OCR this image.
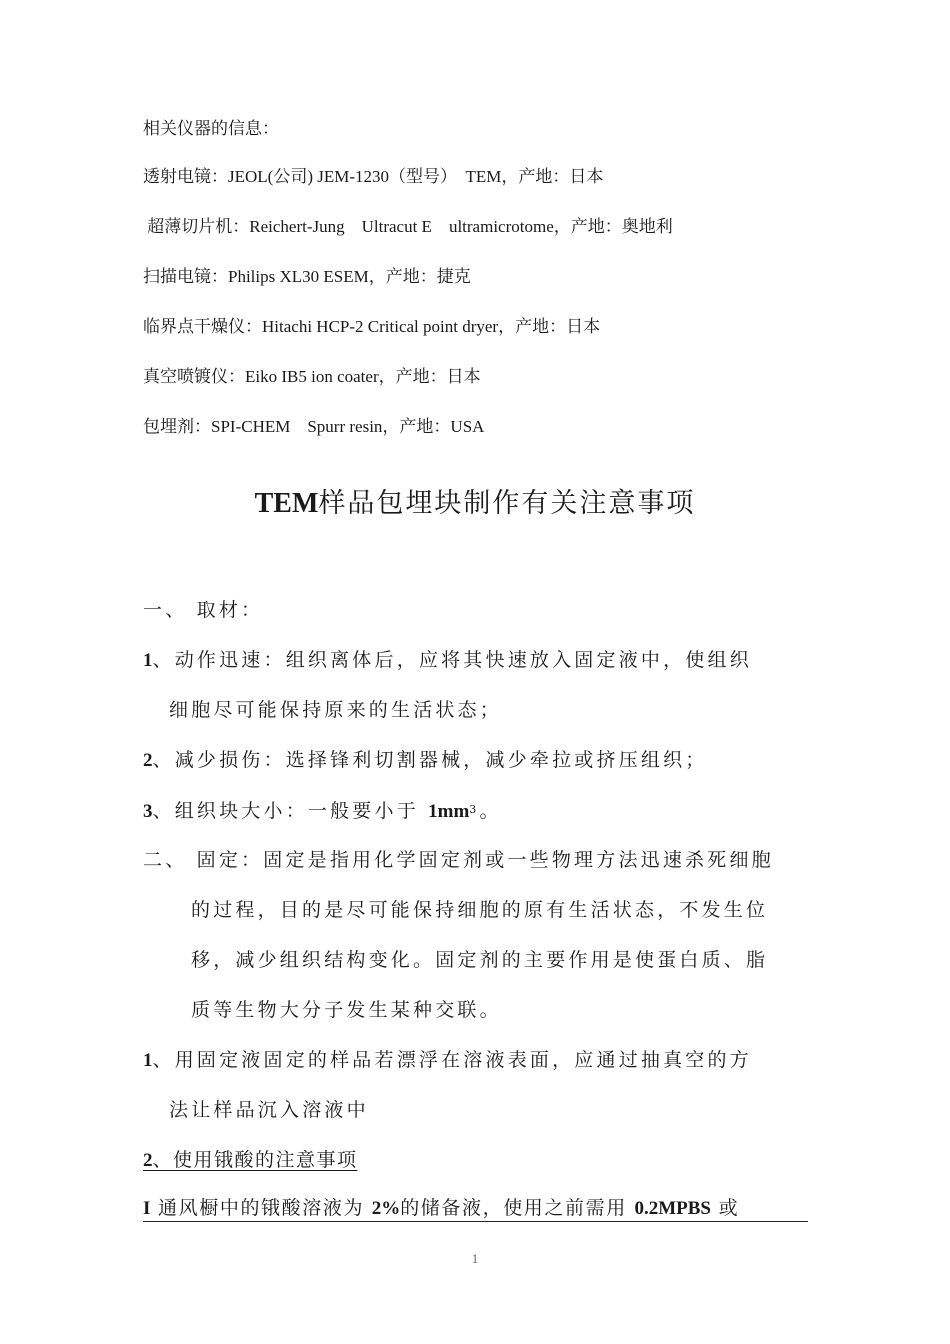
相关仪器的信息：
透射电镜：JEOL(公司) JEM-1230（型号）  TEM，产地：日本
超薄切片机：Reichert-Jung    Ultracut E    ultramicrotome，产地：奥地利
扫描电镜：Philips XL30 ESEM，产地：捷克
临界点干燥仪：Hitachi HCP-2 Critical point dryer，产地：日本
真空喷镀仪：Eiko IB5 ion coater，产地：日本
包埋剂：SPI-CHEM    Spurr resin，产地：USA
TEM样品包埋块制作有关注意事项
一、 取材：
1、动作迅速：组织离体后，应将其快速放入固定液中，使组织
细胞尽可能保持原来的生活状态；
2、减少损伤：选择锋利切割器械，减少牵拉或挤压组织；
3、组织块大小：一般要小于 $1mm^3$。
二、 固定：固定是指用化学固定剂或一些物理方法迅速杀死细胞
的过程，目的是尽可能保持细胞的原有生活状态，不发生位
移，减少组织结构变化。固定剂的主要作用是使蛋白质、脂
质等生物大分子发生某种交联。
1、用固定液固定的样品若漂浮在溶液表面，应通过抽真空的方
法让样品沉入溶液中
2、使用锇酸的注意事项
I 通风橱中的锇酸溶液为 2%的储备液，使用之前需用 0.2MPBS 或
1
